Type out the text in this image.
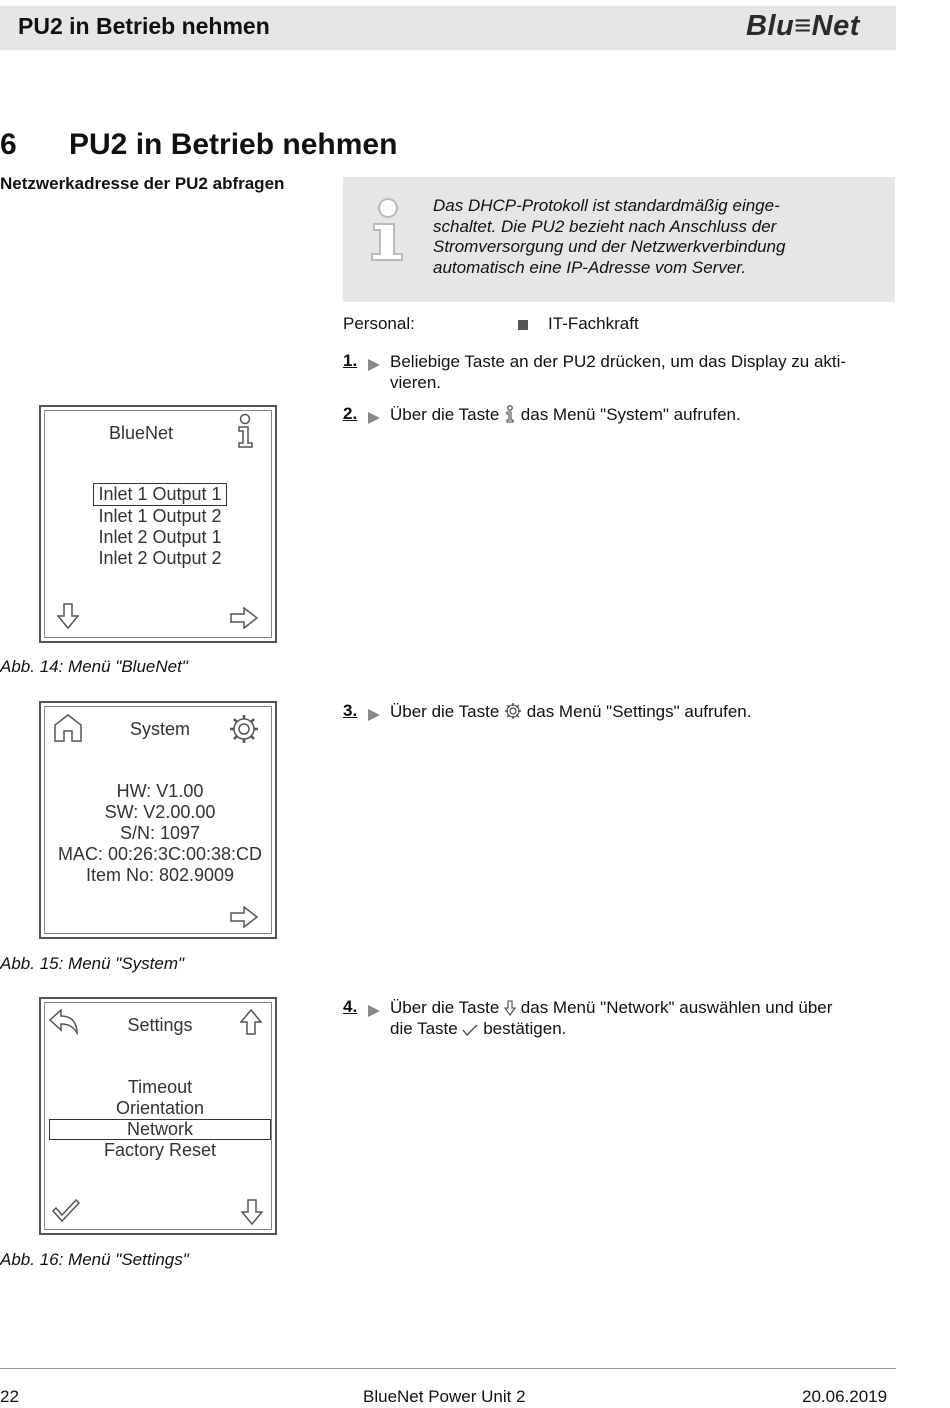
PU2 in Betrieb nehmen	Blu≡Net
6 PU2 in Betrieb nehmen
Netzwerkadresse der PU2 abfragen
Das DHCP-Protokoll ist standardmäßig einge-
schaltet. Die PU2 bezieht nach Anschluss der
Stromversorgung und der Netzwerkverbindung
automatisch eine IP-Adresse vom Server.
Personal:	IT-Fachkraft
1. Beliebige Taste an der PU2 drücken, um das Display zu akti-
vieren.
2. Über die Taste das Menü "System" aufrufen.
BlueNet
Inlet 1 Output 1
Inlet 1 Output 2
Inlet 2 Output 1
Inlet 2 Output 2
Abb. 14: Menü "BlueNet"
3. Über die Taste das Menü "Settings" aufrufen.
System
HW: V1.00
SW: V2.00.00
S/N: 1097
MAC: 00:26:3C:00:38:CD
Item No: 802.9009
Abb. 15: Menü "System"
4. Über die Taste das Menü "Network" auswählen und über
die Taste bestätigen.
Settings
Timeout
Orientation
Network
Factory Reset
Abb. 16: Menü "Settings"
22	BlueNet Power Unit 2	20.06.2019
